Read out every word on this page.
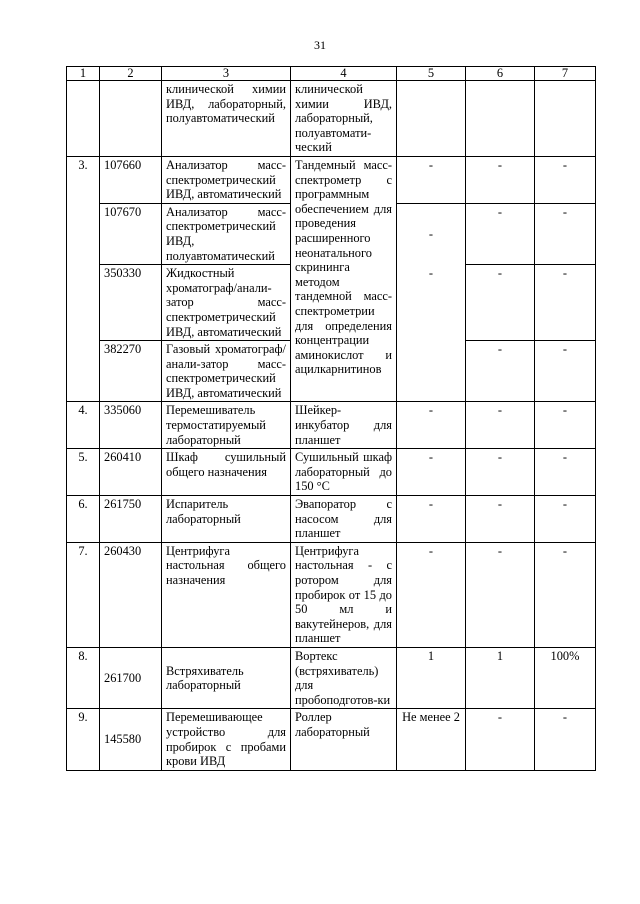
31
1	2	3	4	5	6	7
		клинической химии ИВД, лабораторный, полуавтоматический	клинической химии ИВД, лабораторный, полуавтомати-ческий			
3.	107660	Анализатор масс-спектрометрический ИВД, автоматический	Тандемный масс-спектрометр с программным обеспечением для проведения расширенного неонатального скрининга методом тандемной масс-спектрометрии для определения концентрации аминокислот и ацилкарнитинов	-	-	-
	107670	Анализатор масс-спектрометрический ИВД, полуавтоматический		-	-	-
	350330	Жидкостный хроматограф/анали-затор масс-спектрометрический ИВД, автоматический		-	-	-
	382270	Газовый хроматограф/анали-затор масс-спектрометрический ИВД, автоматический			-	-
4.	335060	Перемешиватель термостатируемый лабораторный	Шейкер-инкубатор для планшет	-	-	-
5.	260410	Шкаф сушильный общего назначения	Сушильный шкаф лабораторный до 150 °С	-	-	-
6.	261750	Испаритель лабораторный	Эвапоратор с насосом для планшет	-	-	-
7.	260430	Центрифуга настольная общего назначения	Центрифуга настольная - с ротором для пробирок от 15 до 50 мл и вакутейнеров, для планшет	-	-	-
8.	261700	Встряхиватель лабораторный	Вортекс (встряхиватель) для пробоподготов-ки	1	1	100%
9.	145580	Перемешивающее устройство для пробирок с пробами крови ИВД	Роллер лабораторный	Не менее 2	-	-
